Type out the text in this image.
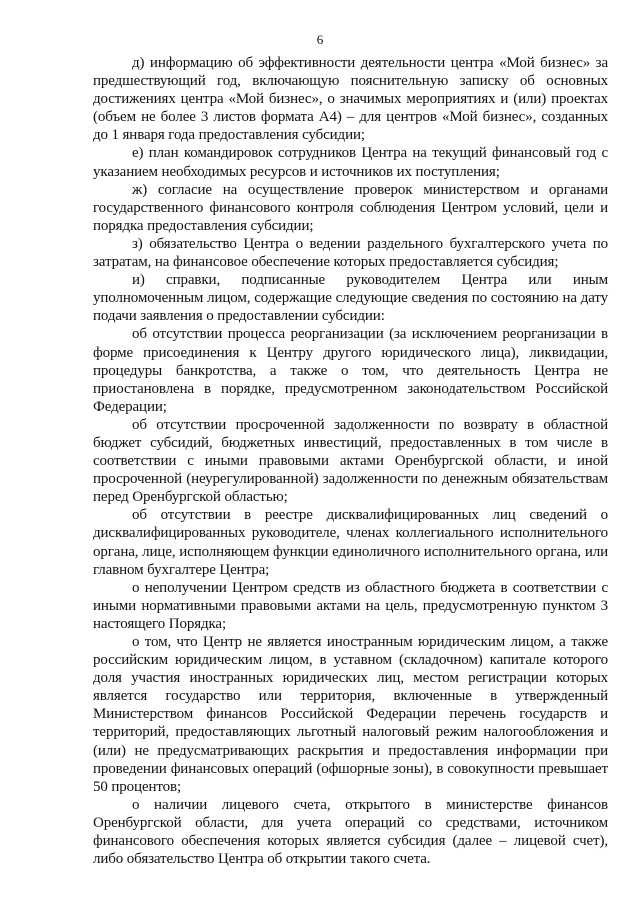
6

д) информацию об эффективности деятельности центра «Мой бизнес» за предшествующий год, включающую пояснительную записку об основных достижениях центра «Мой бизнес», о значимых мероприятиях и (или) проектах (объем не более 3 листов формата А4) – для центров «Мой бизнес», созданных до 1 января года предоставления субсидии;

е) план командировок сотрудников Центра на текущий финансовый год с указанием необходимых ресурсов и источников их поступления;

ж) согласие на осуществление проверок министерством и органами государственного финансового контроля соблюдения Центром условий, цели и порядка предоставления субсидии;

з) обязательство Центра о ведении раздельного бухгалтерского учета по затратам, на финансовое обеспечение которых предоставляется субсидия;

и) справки, подписанные руководителем Центра или иным уполномоченным лицом, содержащие следующие сведения по состоянию на дату подачи заявления о предоставлении субсидии:

об отсутствии процесса реорганизации (за исключением реорганизации в форме присоединения к Центру другого юридического лица), ликвидации, процедуры банкротства, а также о том, что деятельность Центра не приостановлена в порядке, предусмотренном законодательством Российской Федерации;

об отсутствии просроченной задолженности по возврату в областной бюджет субсидий, бюджетных инвестиций, предоставленных в том числе в соответствии с иными правовыми актами Оренбургской области, и иной просроченной (неурегулированной) задолженности по денежным обязательствам перед Оренбургской областью;

об отсутствии в реестре дисквалифицированных лиц сведений о дисквалифицированных руководителе, членах коллегиального исполнительного органа, лице, исполняющем функции единоличного исполнительного органа, или главном бухгалтере Центра;

о неполучении Центром средств из областного бюджета в соответствии с иными нормативными правовыми актами на цель, предусмотренную пунктом 3 настоящего Порядка;

о том, что Центр не является иностранным юридическим лицом, а также российским юридическим лицом, в уставном (складочном) капитале которого доля участия иностранных юридических лиц, местом регистрации которых является государство или территория, включенные в утвержденный Министерством финансов Российской Федерации перечень государств и территорий, предоставляющих льготный налоговый режим налогообложения и (или) не предусматривающих раскрытия и предоставления информации при проведении финансовых операций (офшорные зоны), в совокупности превышает 50 процентов;

о наличии лицевого счета, открытого в министерстве финансов Оренбургской области, для учета операций со средствами, источником финансового обеспечения которых является субсидия (далее – лицевой счет), либо обязательство Центра об открытии такого счета.
